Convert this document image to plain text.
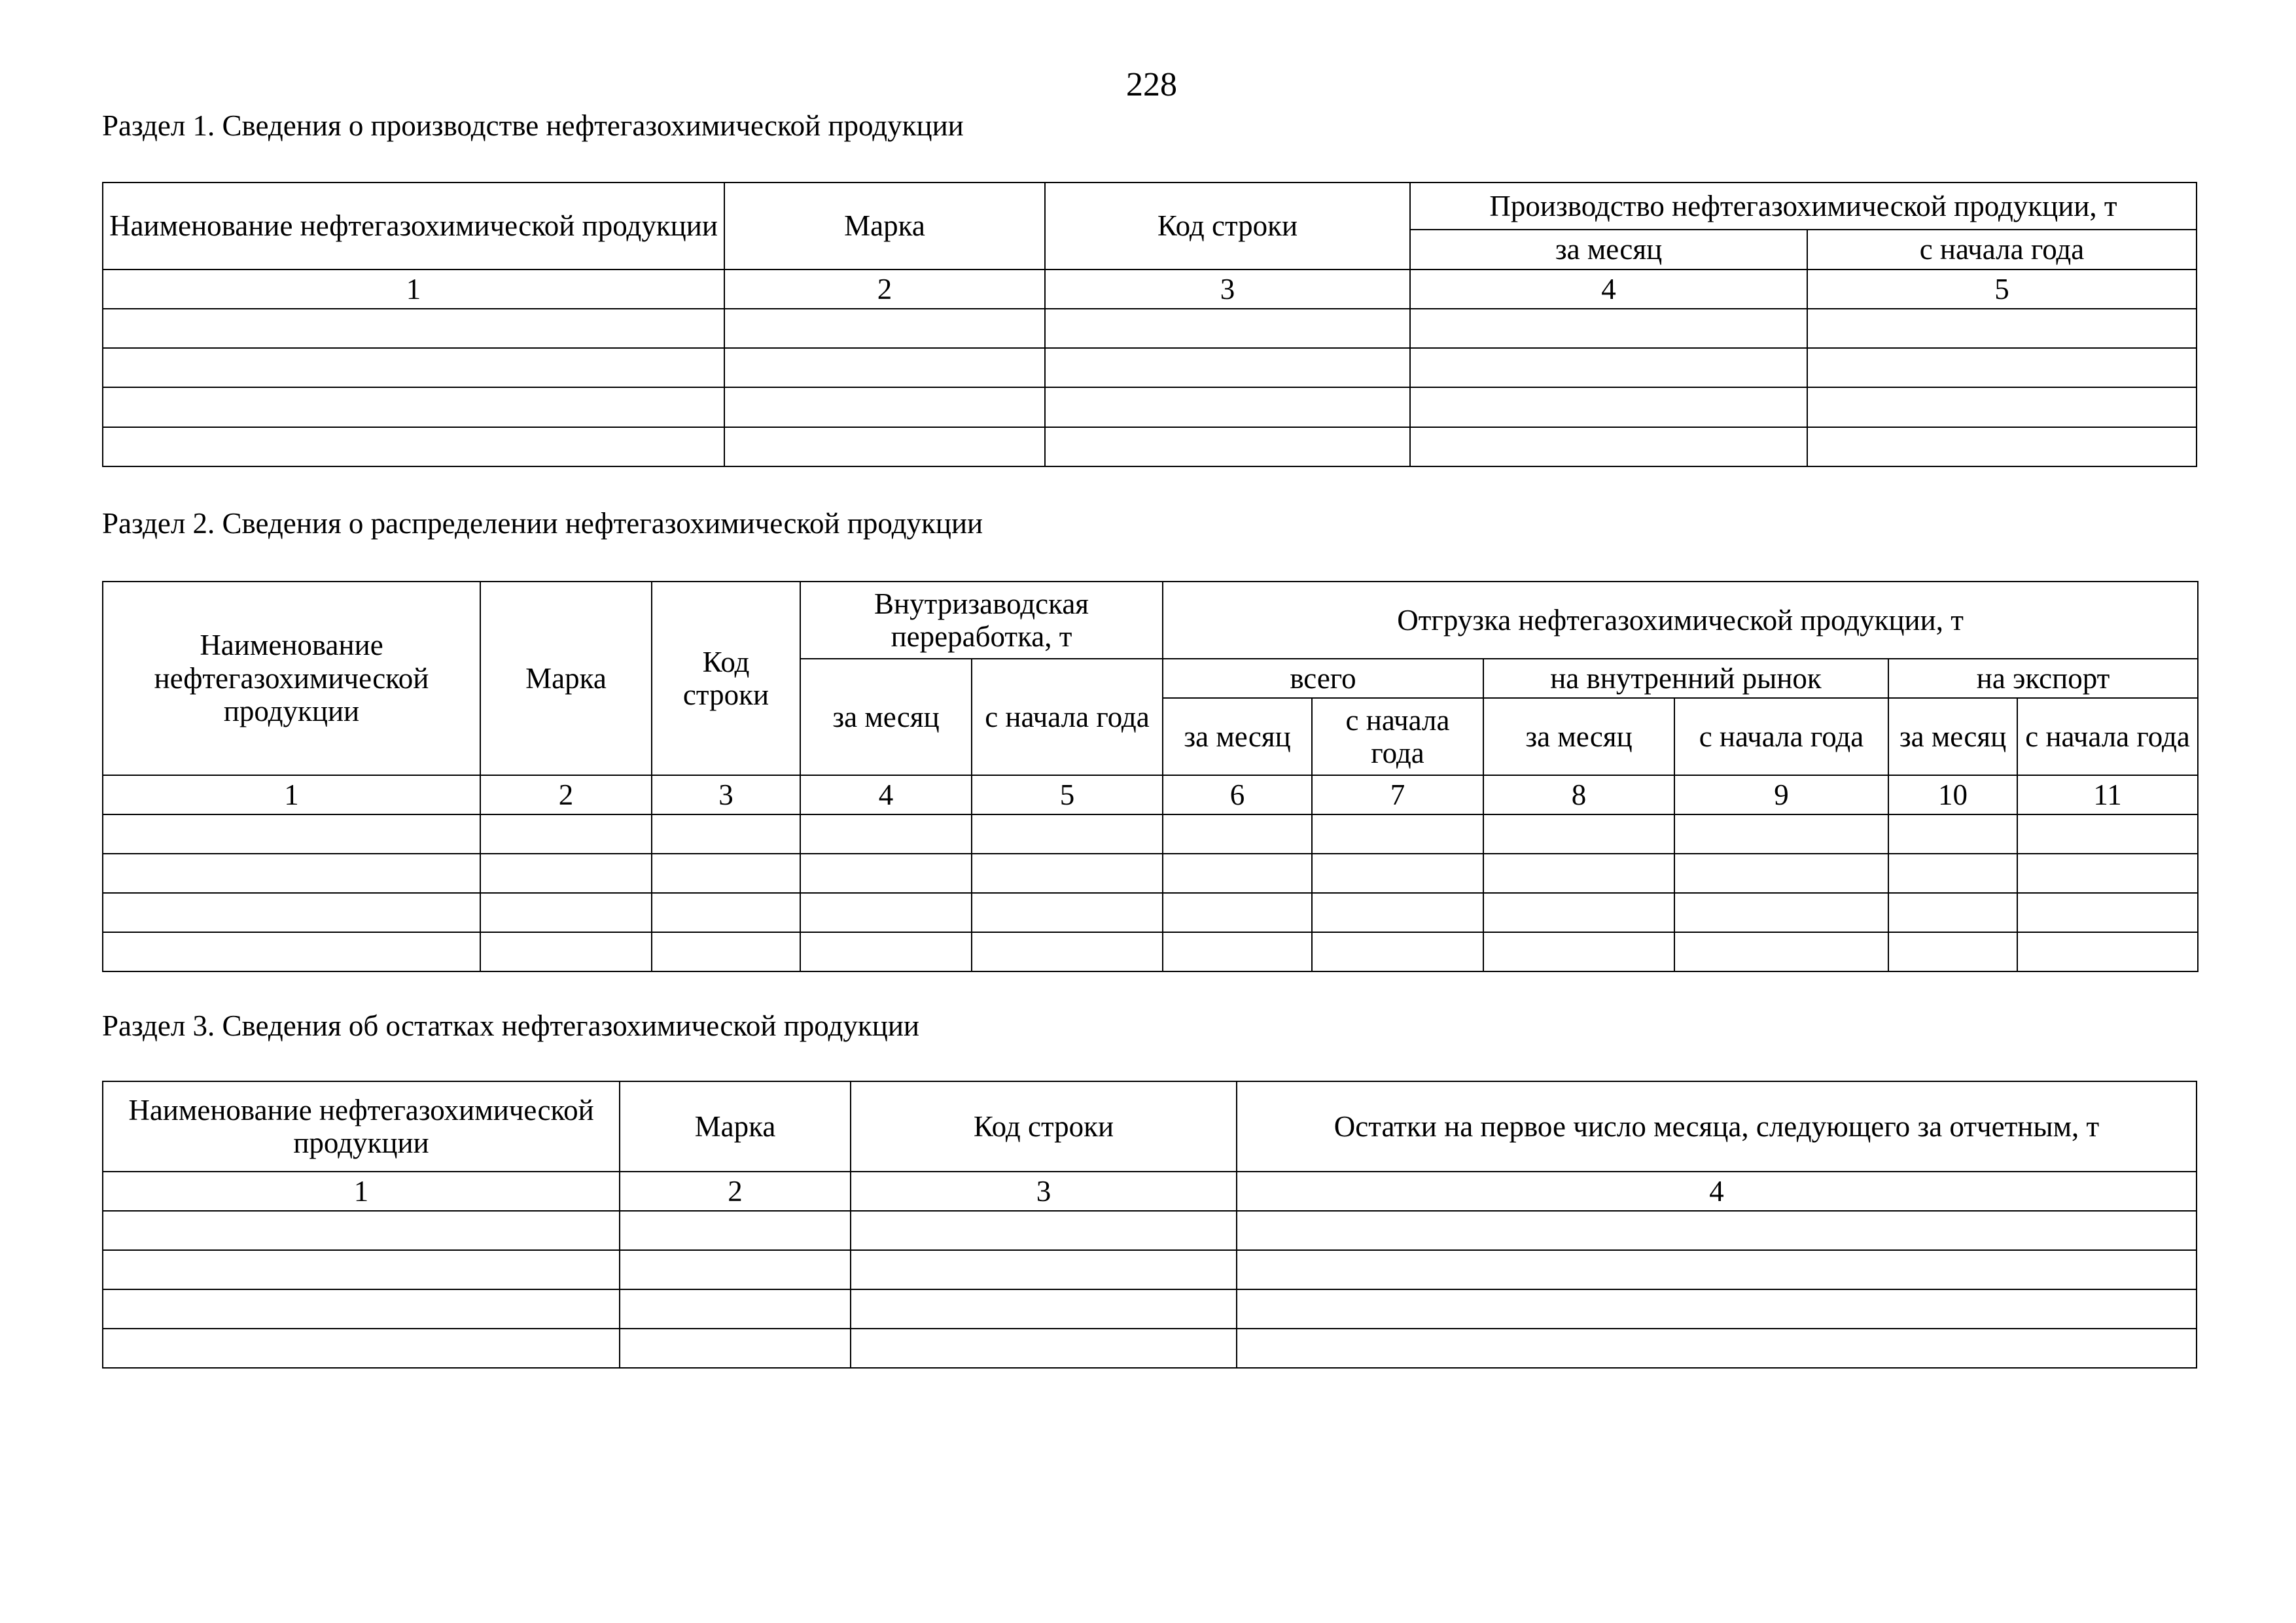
228
Раздел 1. Сведения о производстве нефтегазохимической продукции
Наименование нефтегазохимической продукции	Марка	Код строки	Производство нефтегазохимической продукции, т	
			за месяц	с начала года
1	2	3	4	5

Раздел 2. Сведения о распределении нефтегазохимической продукции
Наименование нефтегазохимической продукции	Марка	Код строки	Внутризаводская переработка, т		Отгрузка нефтегазохимической продукции, т					
			за месяц	с начала года	всего		на внутренний рынок		на экспорт	
					за месяц	с начала года	за месяц	с начала года	за месяц	с начала года
1	2	3	4	5	6	7	8	9	10	11

Раздел 3. Сведения об остатках нефтегазохимической продукции
Наименование нефтегазохимической продукции	Марка	Код строки	Остатки на первое число месяца, следующего за отчетным, т
1	2	3	4
